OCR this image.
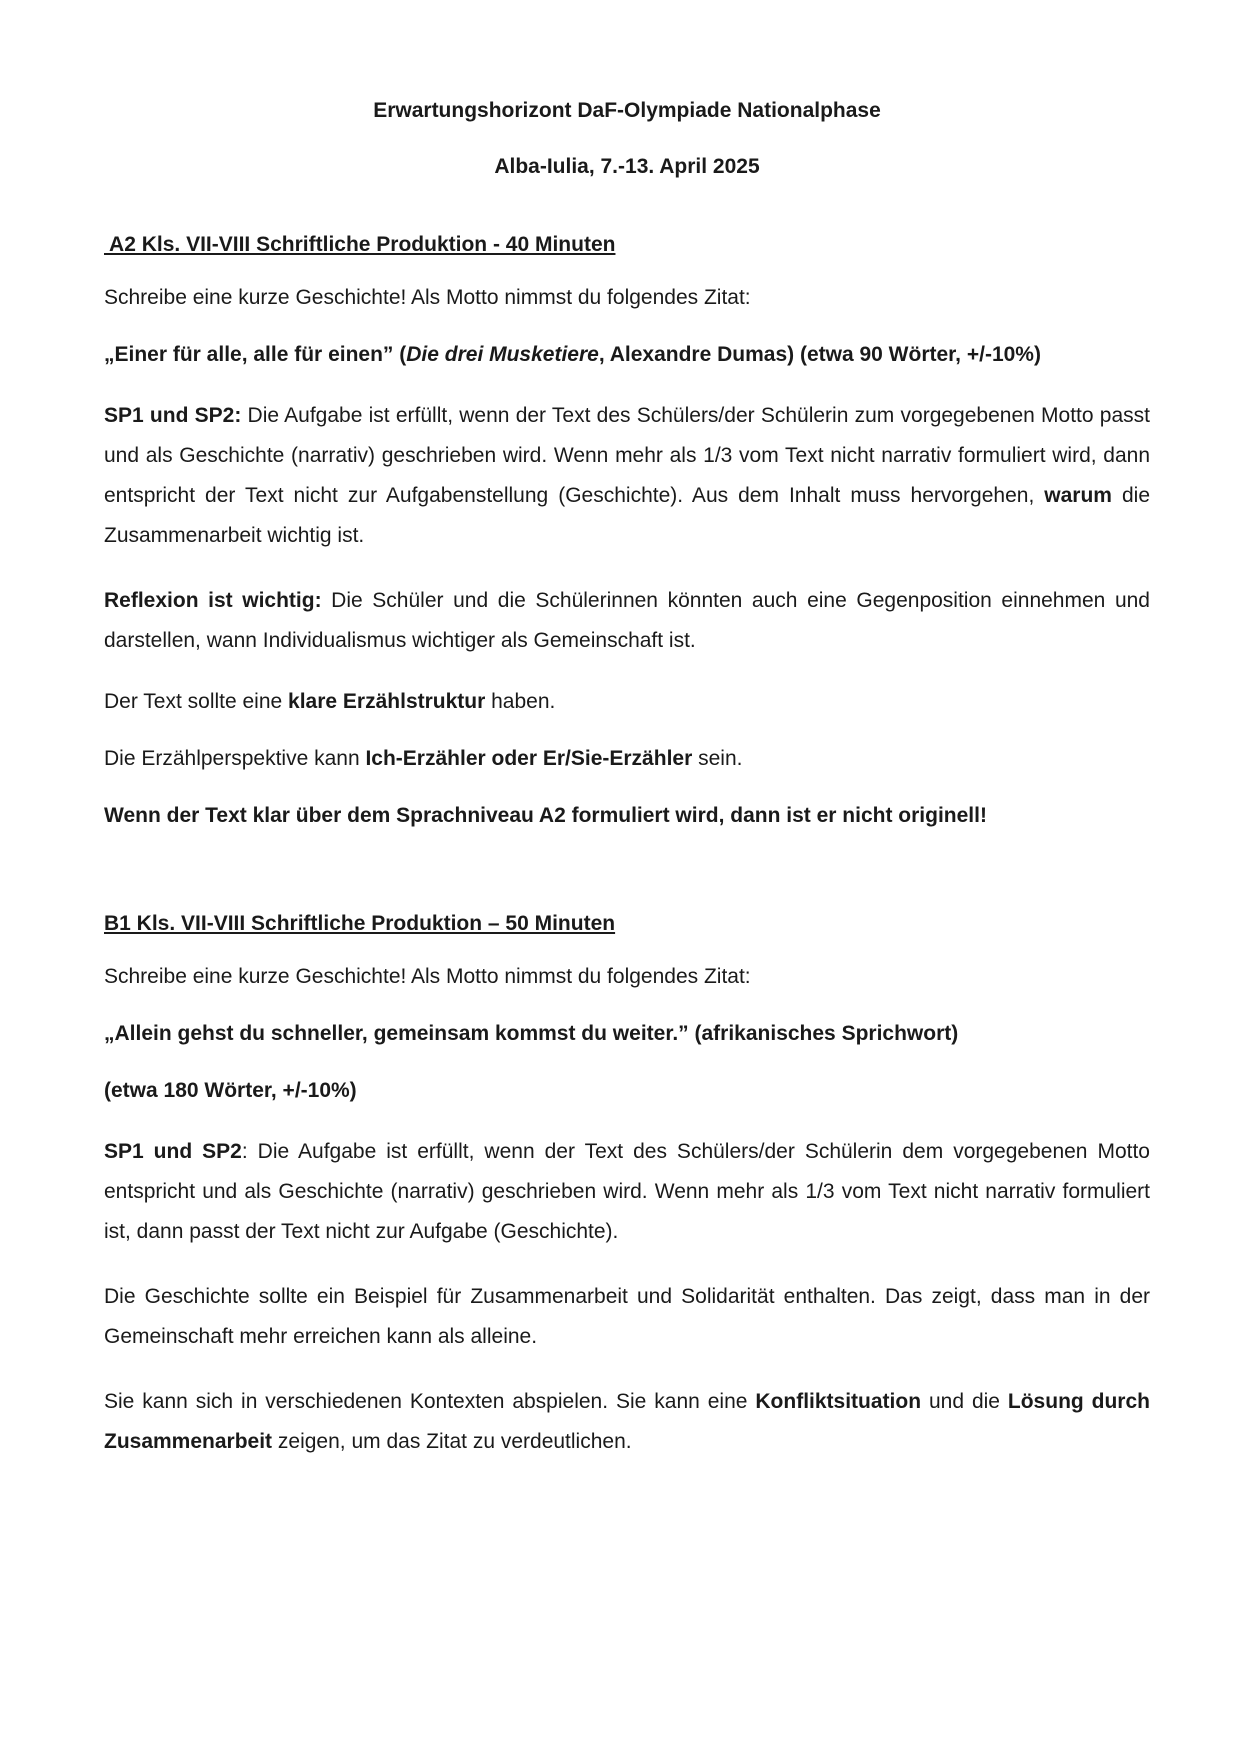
Erwartungshorizont DaF-Olympiade Nationalphase
Alba-Iulia, 7.-13. April 2025
A2 Kls. VII-VIII Schriftliche Produktion - 40 Minuten

Schreibe eine kurze Geschichte! Als Motto nimmst du folgendes Zitat:

„Einer für alle, alle für einen” (Die drei Musketiere, Alexandre Dumas) (etwa 90 Wörter, +/-10%)

SP1 und SP2: Die Aufgabe ist erfüllt, wenn der Text des Schülers/der Schülerin zum vorgegebenen Motto passt und als Geschichte (narrativ) geschrieben wird. Wenn mehr als 1/3 vom Text nicht narrativ formuliert wird, dann entspricht der Text nicht zur Aufgabenstellung (Geschichte). Aus dem Inhalt muss hervorgehen, warum die Zusammenarbeit wichtig ist.

Reflexion ist wichtig: Die Schüler und die Schülerinnen könnten auch eine Gegenposition einnehmen und darstellen, wann Individualismus wichtiger als Gemeinschaft ist.

Der Text sollte eine klare Erzählstruktur haben.

Die Erzählperspektive kann Ich-Erzähler oder Er/Sie-Erzähler sein.

Wenn der Text klar über dem Sprachniveau A2 formuliert wird, dann ist er nicht originell!

B1 Kls. VII-VIII Schriftliche Produktion – 50 Minuten

Schreibe eine kurze Geschichte! Als Motto nimmst du folgendes Zitat:

„Allein gehst du schneller, gemeinsam kommst du weiter.” (afrikanisches Sprichwort)

(etwa 180 Wörter, +/-10%)

SP1 und SP2: Die Aufgabe ist erfüllt, wenn der Text des Schülers/der Schülerin dem vorgegebenen Motto entspricht und als Geschichte (narrativ) geschrieben wird. Wenn mehr als 1/3 vom Text nicht narrativ formuliert ist, dann passt der Text nicht zur Aufgabe (Geschichte).

Die Geschichte sollte ein Beispiel für Zusammenarbeit und Solidarität enthalten. Das zeigt, dass man in der Gemeinschaft mehr erreichen kann als alleine.

Sie kann sich in verschiedenen Kontexten abspielen. Sie kann eine Konfliktsituation und die Lösung durch Zusammenarbeit zeigen, um das Zitat zu verdeutlichen.
